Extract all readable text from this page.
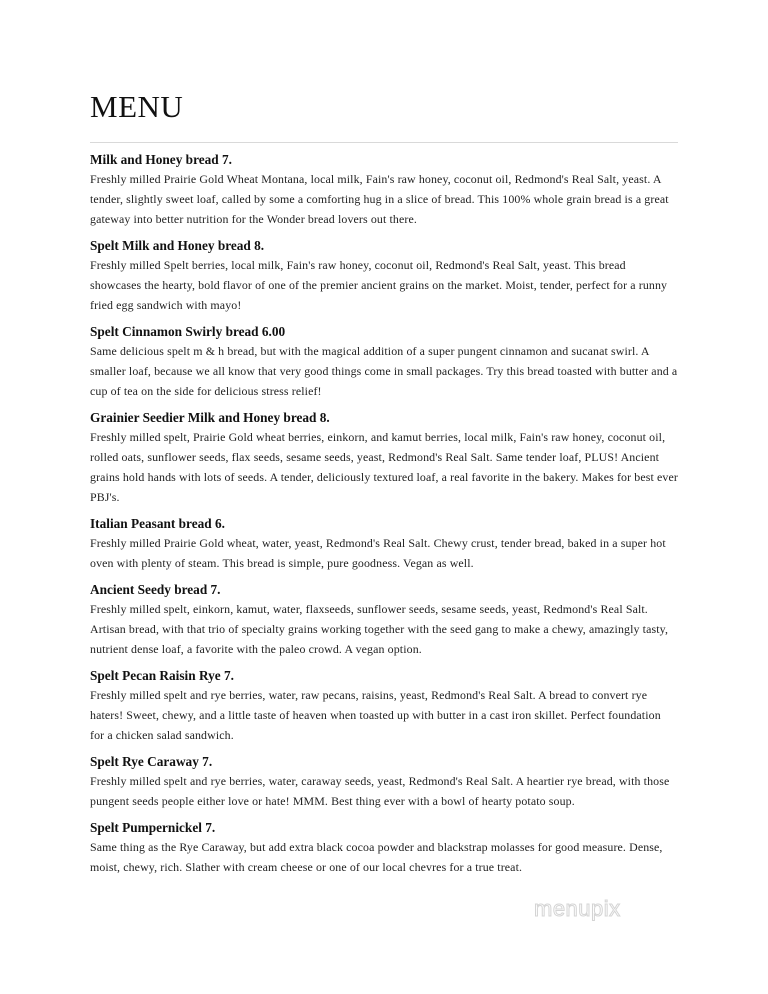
MENU
Milk and Honey bread 7.

Freshly milled Prairie Gold Wheat Montana, local milk, Fain's raw honey, coconut oil, Redmond's Real Salt, yeast. A tender, slightly sweet loaf, called by some a comforting hug in a slice of bread. This 100% whole grain bread is a great gateway into better nutrition for the Wonder bread lovers out there.

Spelt Milk and Honey bread 8.

Freshly milled Spelt berries, local milk, Fain's raw honey, coconut oil, Redmond's Real Salt, yeast. This bread showcases the hearty, bold flavor of one of the premier ancient grains on the market. Moist, tender, perfect for a runny fried egg sandwich with mayo!

Spelt Cinnamon Swirly bread 6.00

Same delicious spelt m & h bread, but with the magical addition of a super pungent cinnamon and sucanat swirl. A smaller loaf, because we all know that very good things come in small packages. Try this bread toasted with butter and a cup of tea on the side for delicious stress relief!

Grainier Seedier Milk and Honey bread 8.

Freshly milled spelt, Prairie Gold wheat berries, einkorn, and kamut berries, local milk, Fain's raw honey, coconut oil, rolled oats, sunflower seeds, flax seeds, sesame seeds, yeast, Redmond's Real Salt. Same tender loaf, PLUS! Ancient grains hold hands with lots of seeds. A tender, deliciously textured loaf, a real favorite in the bakery. Makes for best ever PBJ's.

Italian Peasant bread 6.

Freshly milled Prairie Gold wheat, water, yeast, Redmond's Real Salt. Chewy crust, tender bread, baked in a super hot oven with plenty of steam. This bread is simple, pure goodness. Vegan as well.

Ancient Seedy bread 7.

Freshly milled spelt, einkorn, kamut, water, flaxseeds, sunflower seeds, sesame seeds, yeast, Redmond's Real Salt. Artisan bread, with that trio of specialty grains working together with the seed gang to make a chewy, amazingly tasty, nutrient dense loaf, a favorite with the paleo crowd. A vegan option.

Spelt Pecan Raisin Rye 7.

Freshly milled spelt and rye berries, water, raw pecans, raisins, yeast, Redmond's Real Salt. A bread to convert rye haters! Sweet, chewy, and a little taste of heaven when toasted up with butter in a cast iron skillet. Perfect foundation for a chicken salad sandwich.

Spelt Rye Caraway 7.

Freshly milled spelt and rye berries, water, caraway seeds, yeast, Redmond's Real Salt. A heartier rye bread, with those pungent seeds people either love or hate! MMM. Best thing ever with a bowl of hearty potato soup.

Spelt Pumpernickel 7.

Same thing as the Rye Caraway, but add extra black cocoa powder and blackstrap molasses for good measure. Dense, moist, chewy, rich. Slather with cream cheese or one of our local chevres for a true treat.

menupix
